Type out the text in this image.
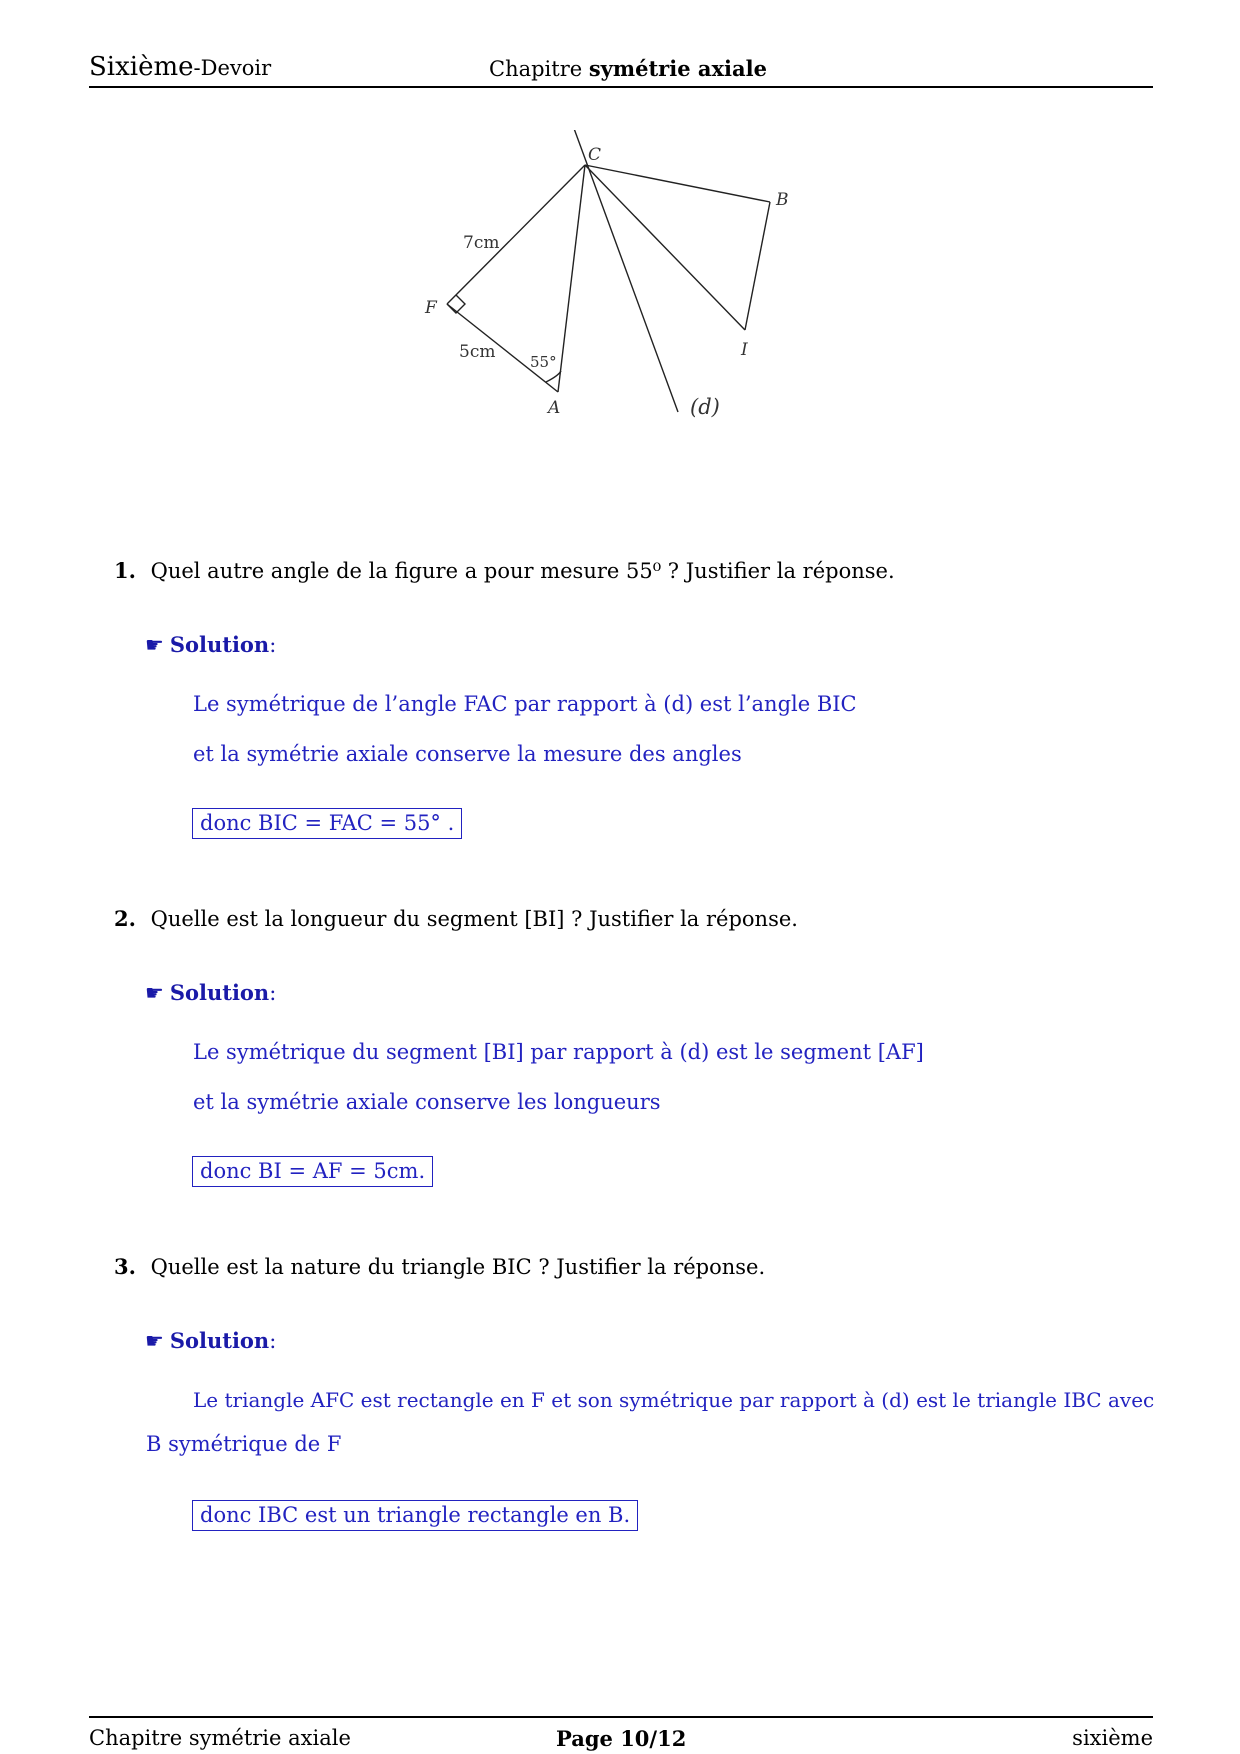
Sixième-Devoir	Chapitre symétrie axiale
C
B
F
I
A	(d)
7cm
5cm 55°
1. Quel autre angle de la figure a pour mesure 55⁰ ? Justifier la réponse.
☛ Solution:
Le symétrique de l’angle FAC par rapport à (d) est l’angle BIC
et la symétrie axiale conserve la mesure des angles
donc BIC = FAC = 55° .
2. Quelle est la longueur du segment [BI] ? Justifier la réponse.
☛ Solution:
Le symétrique du segment [BI] par rapport à (d) est le segment [AF]
et la symétrie axiale conserve les longueurs
donc BI = AF = 5cm.
3. Quelle est la nature du triangle BIC ? Justifier la réponse.
☛ Solution:
Le triangle AFC est rectangle en F et son symétrique par rapport à (d) est le triangle IBC avec
B symétrique de F
donc IBC est un triangle rectangle en B.
Chapitre symétrie axiale	Page 10/12	sixième
